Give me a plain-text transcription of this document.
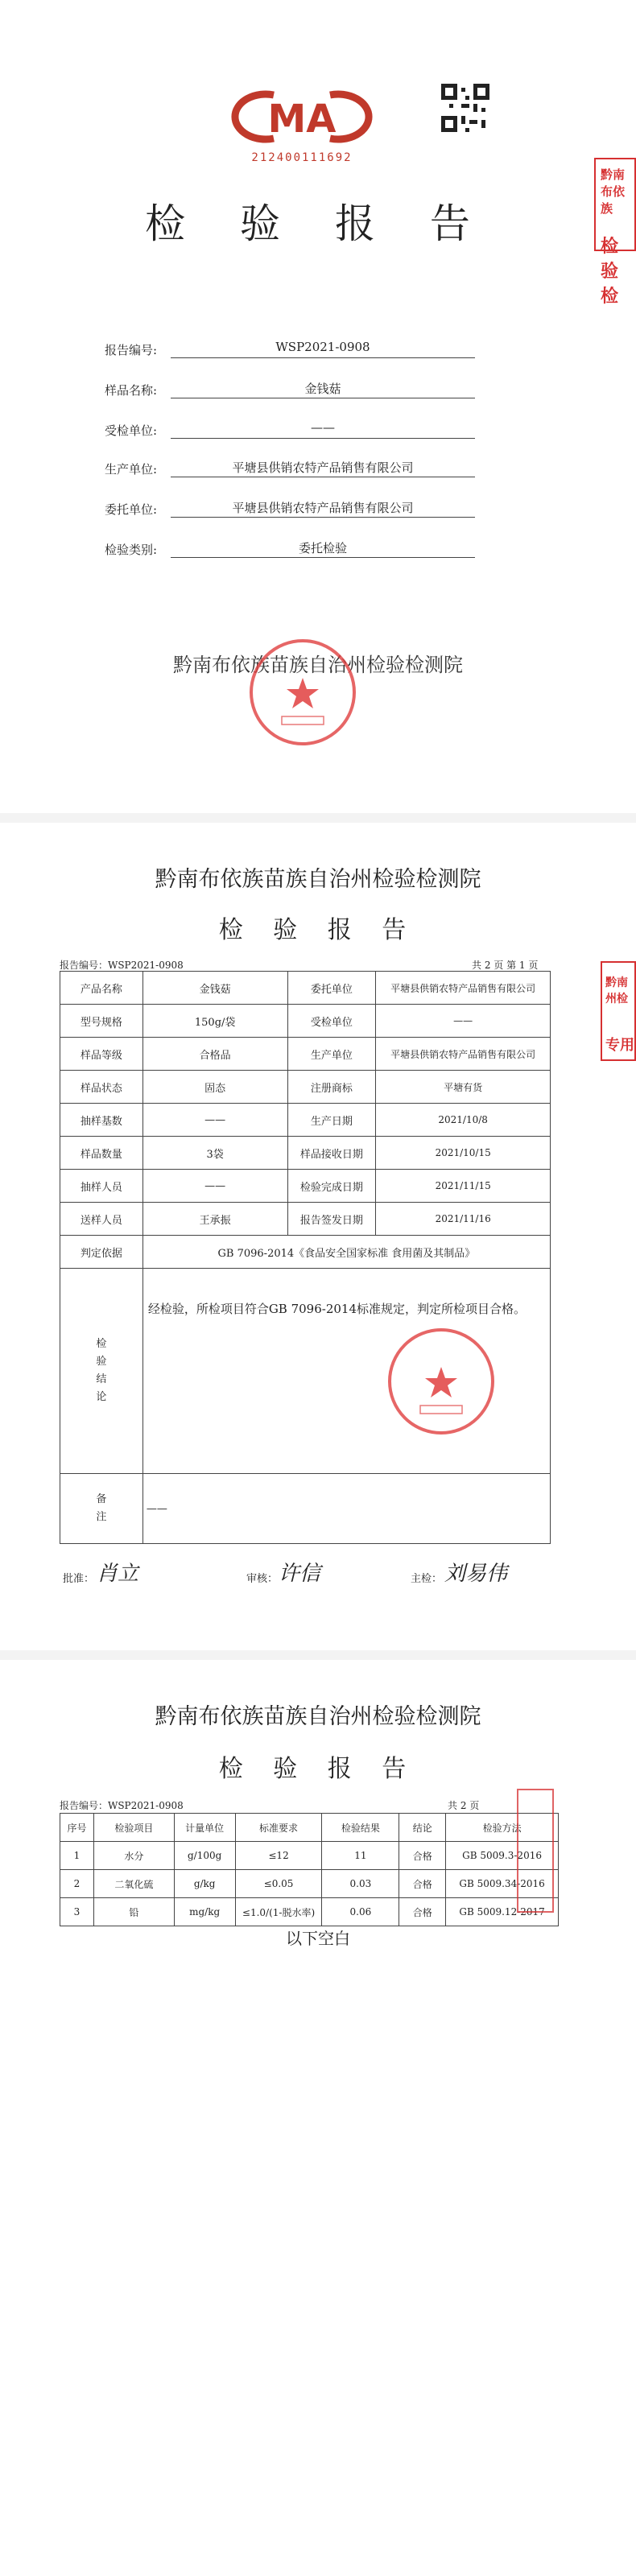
MA
212400111692
检 验 报 告
黔南布依族
检验检
报告编号:	WSP2021-0908
样品名称:	金钱菇
受检单位:	——
生产单位:	平塘县供销农特产品销售有限公司
委托单位:	平塘县供销农特产品销售有限公司
检验类别:	委托检验
黔南布依族苗族自治州检验检测院
黔南布依族苗族自治州检验检测院
检 验 报 告
报告编号：WSP2021-0908	共 2 页 第 1 页
黔南州检
专用
产品名称	金钱菇	委托单位	平塘县供销农特产品销售有限公司
型号规格	150g/袋	受检单位	——
样品等级	合格品	生产单位	平塘县供销农特产品销售有限公司
样品状态	固态	注册商标	平塘有货
抽样基数	——	生产日期	2021/10/8
样品数量	3袋	样品接收日期	2021/10/15
抽样人员	——	检验完成日期	2021/11/15
送样人员	王承振	报告签发日期	2021/11/16
判定依据	GB 7096-2014《食品安全国家标准 食用菌及其制品》		

检验结论	经检验，所检项目符合GB 7096-2014标准规定，判定所检项目合格。		

备注	——		
批准： 肖立	审核： 许信	主检： 刘易伟
黔南布依族苗族自治州检验检测院
检 验 报 告
报告编号：WSP2021-0908	共 2 页
序号	检验项目	计量单位	标准要求	检验结果	结论	检验方法
1	水分	g/100g	≤12	11	合格	GB 5009.3-2016
2	二氧化硫	g/kg	≤0.05	0.03	合格	GB 5009.34-2016
3	铅	mg/kg	≤1.0/(1-脱水率)	0.06	合格	GB 5009.12-2017
以下空白
